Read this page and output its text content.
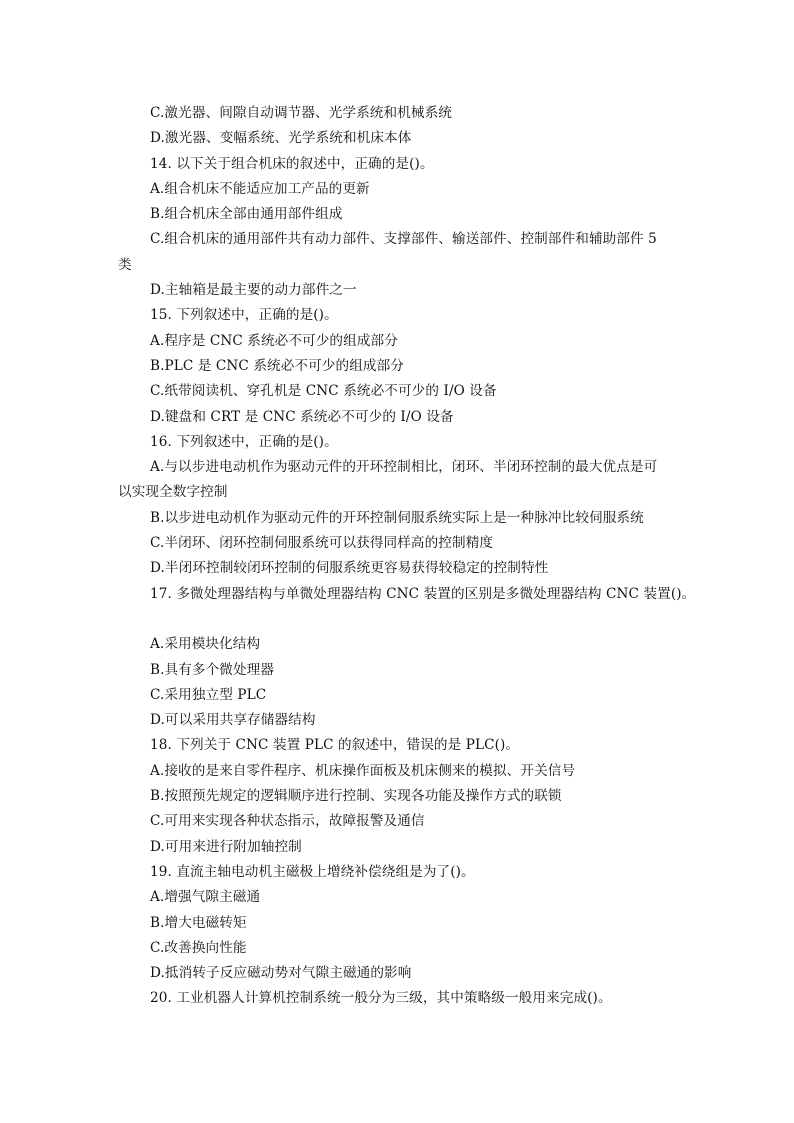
C.激光器、间隙自动调节器、光学系统和机械系统
D.激光器、变幅系统、光学系统和机床本体
14. 以下关于组合机床的叙述中，正确的是()。
A.组合机床不能适应加工产品的更新
B.组合机床全部由通用部件组成
C.组合机床的通用部件共有动力部件、支撑部件、输送部件、控制部件和辅助部件 5
类
D.主轴箱是最主要的动力部件之一
15. 下列叙述中，正确的是()。
A.程序是 CNC 系统必不可少的组成部分
B.PLC 是 CNC 系统必不可少的组成部分
C.纸带阅读机、穿孔机是 CNC 系统必不可少的 I/O 设备
D.键盘和 CRT 是 CNC 系统必不可少的 I/O 设备
16. 下列叙述中，正确的是()。
A.与以步进电动机作为驱动元件的开环控制相比，闭环、半闭环控制的最大优点是可
以实现全数字控制
B.以步进电动机作为驱动元件的开环控制伺服系统实际上是一种脉冲比较伺服系统
C.半闭环、闭环控制伺服系统可以获得同样高的控制精度
D.半闭环控制较闭环控制的伺服系统更容易获得较稳定的控制特性
17. 多微处理器结构与单微处理器结构 CNC 装置的区别是多微处理器结构 CNC 装置()。
A.采用模块化结构
B.具有多个微处理器
C.采用独立型 PLC
D.可以采用共享存储器结构
18. 下列关于 CNC 装置 PLC 的叙述中，错误的是 PLC()。
A.接收的是来自零件程序、机床操作面板及机床侧来的模拟、开关信号
B.按照预先规定的逻辑顺序进行控制、实现各功能及操作方式的联锁
C.可用来实现各种状态指示，故障报警及通信
D.可用来进行附加轴控制
19. 直流主轴电动机主磁极上增绕补偿绕组是为了()。
A.增强气隙主磁通
B.增大电磁转矩
C.改善换向性能
D.抵消转子反应磁动势对气隙主磁通的影响
20. 工业机器人计算机控制系统一般分为三级，其中策略级一般用来完成()。
